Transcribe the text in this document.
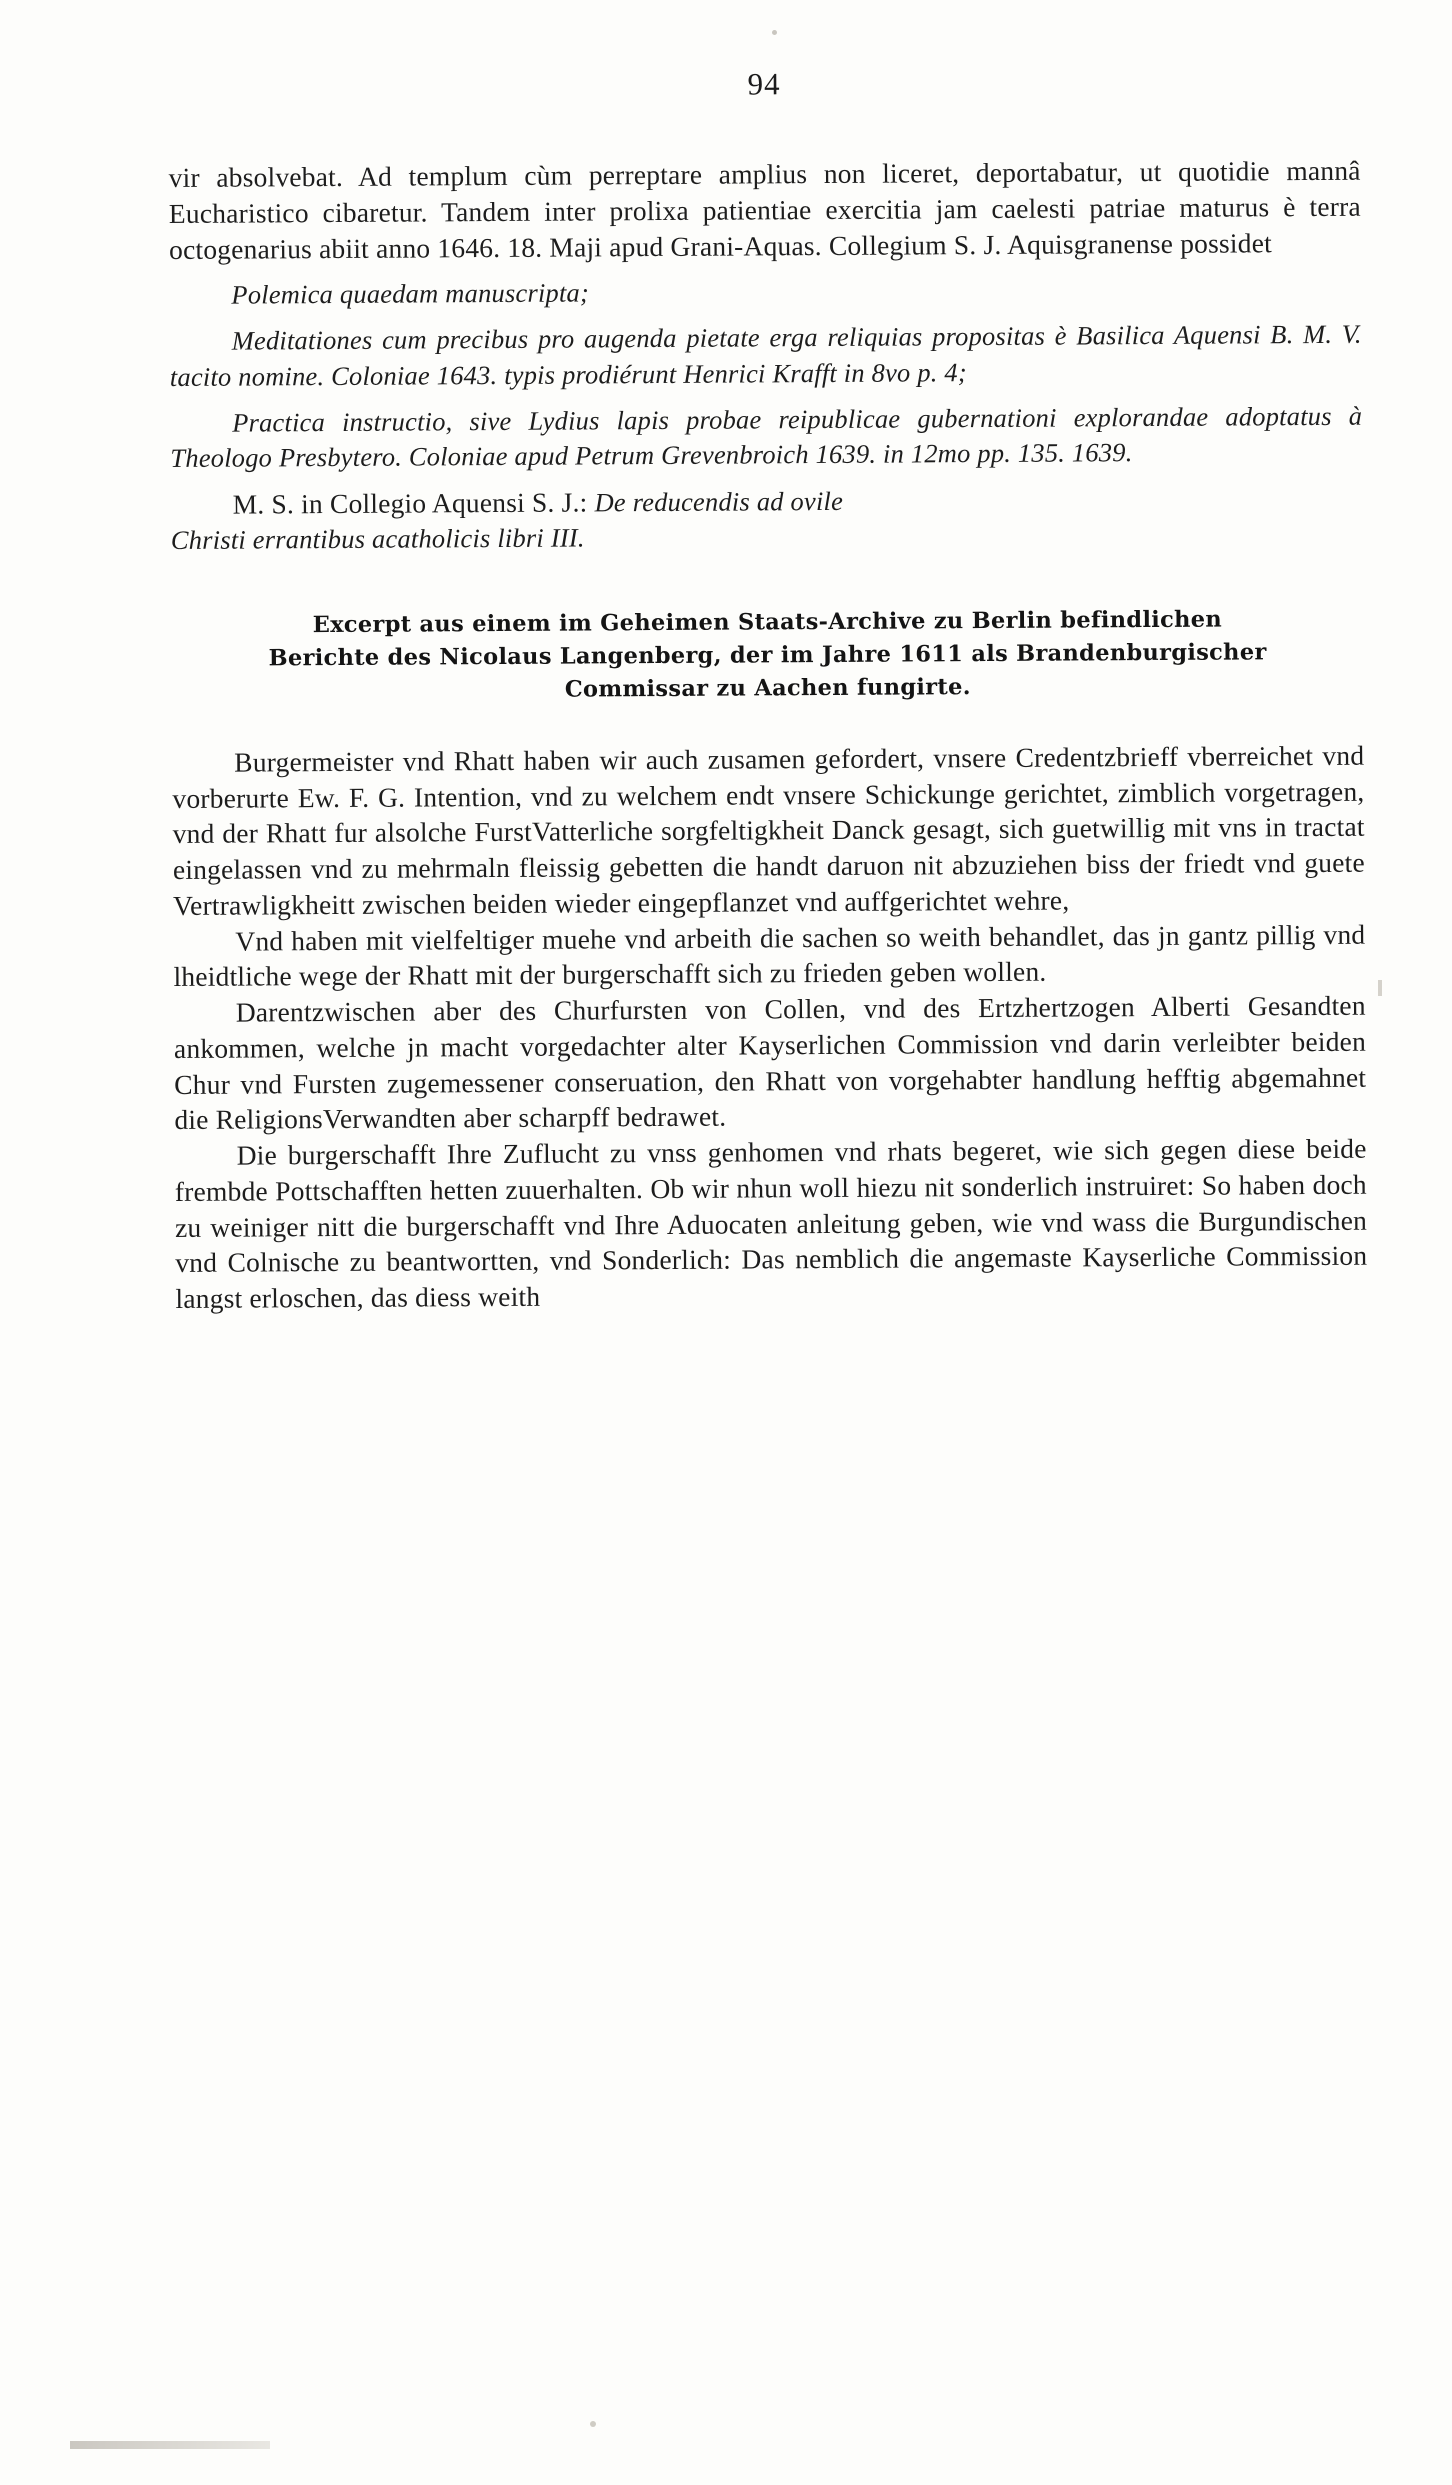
94

vir absolvebat. Ad templum cùm perreptare amplius non liceret, deportabatur, ut quotidie mannâ Eucharistico cibaretur. Tandem inter prolixa patientiae exercitia jam caelesti patriae maturus è terra octogenarius abiit anno 1646. 18. Maji apud Grani-Aquas. Collegium S. J. Aquisgranense possidet

Polemica quaedam manuscripta;

Meditationes cum precibus pro augenda pietate erga reliquias propositas è Basilica Aquensi B. M. V. tacito nomine. Coloniae 1643. typis prodiérunt Henrici Krafft in 8vo p. 4;

Practica instructio, sive Lydius lapis probae reipublicae gubernationi explorandae adoptatus à Theologo Presbytero. Coloniae apud Petrum Grevenbroich 1639. in 12mo pp. 135. 1639.

M. S. in Collegio Aquensi S. J.: De reducendis ad ovile

Christi errantibus acatholicis libri III.

Excerpt aus einem im Geheimen Staats-Archive zu Berlin befindlichen
Berichte des Nicolaus Langenberg, der im Jahre 1611 als Brandenburgischer
Commissar zu Aachen fungirte.

Burgermeister vnd Rhatt haben wir auch zusamen gefordert, vnsere Credentzbrieff vberreichet vnd vorberurte Ew. F. G. Intention, vnd zu welchem endt vnsere Schickunge gerichtet, zimblich vorgetragen, vnd der Rhatt fur alsolche FurstVatterliche sorgfeltigkheit Danck gesagt, sich guetwillig mit vns in tractat eingelassen vnd zu mehrmaln fleissig gebetten die handt daruon nit abzuziehen biss der friedt vnd guete Vertrawligkheitt zwischen beiden wieder eingepflanzet vnd auffgerichtet wehre,

Vnd haben mit vielfeltiger muehe vnd arbeith die sachen so weith behandlet, das jn gantz pillig vnd lheidtliche wege der Rhatt mit der burgerschafft sich zu frieden geben wollen.

Darentzwischen aber des Churfursten von Collen, vnd des Ertzhertzogen Alberti Gesandten ankommen, welche jn macht vorgedachter alter Kayserlichen Commission vnd darin verleibter beiden Chur vnd Fursten zugemessener conseruation, den Rhatt von vorgehabter handlung hefftig abgemahnet die ReligionsVerwandten aber scharpff bedrawet.

Die burgerschafft Ihre Zuflucht zu vnss genhomen vnd rhats begeret, wie sich gegen diese beide frembde Pottschafften hetten zuuerhalten. Ob wir nhun woll hiezu nit sonderlich instruiret: So haben doch zu weiniger nitt die burgerschafft vnd Ihre Aduocaten anleitung geben, wie vnd wass die Burgundischen vnd Colnische zu beantwortten, vnd Sonderlich: Das nemblich die angemaste Kayserliche Commission langst erloschen, das diess weith
